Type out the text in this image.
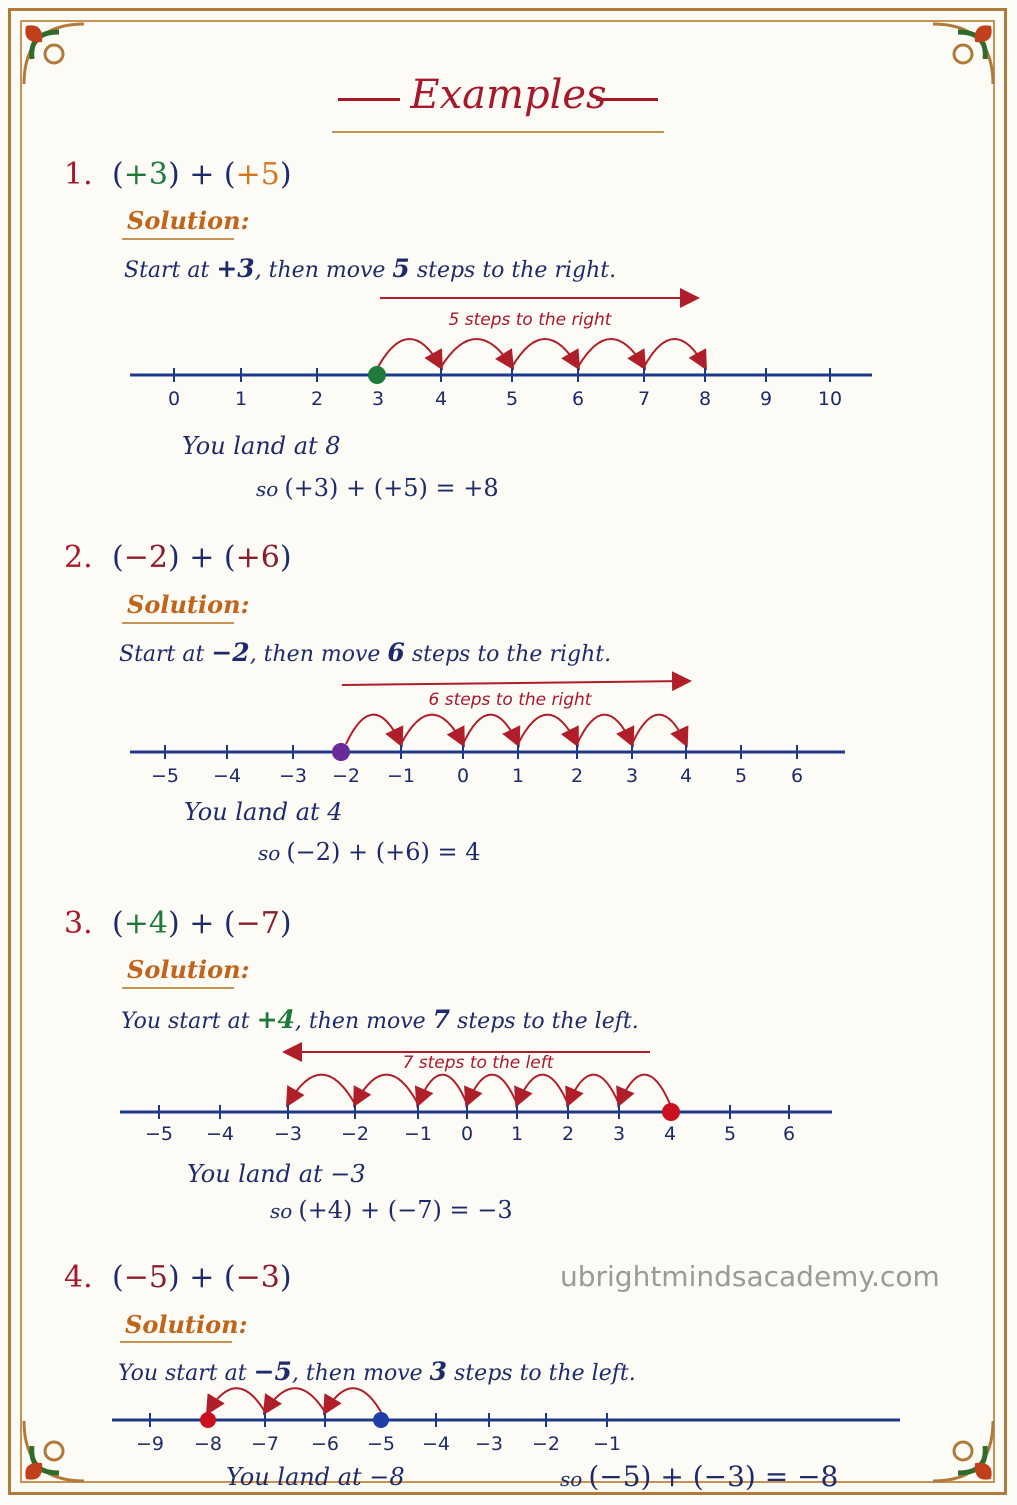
Examples
1. (+3) + (+5)
Solution:
Start at +3, then move 5 steps to the right.
5 steps to the right
0	1	2	3	4	5	6	7	8	9 10
You land at 8
so (+3) + (+5) = +8
2. (−2) + (+6)
Solution:
Start at −2, then move 6 steps to the right.
6 steps to the right
−5 −4 −3 −2 −1 0 1 2 3 4 5 6
You land at 4
so (−2) + (+6) = 4
3. (+4) + (−7)
Solution:
You start at +4, then move 7 steps to the left.
7 steps to the left
−5 −4 −3 −2 −1 0 1 2 3 4	5 6
You land at −3
so (+4) + (−7) = −3
4. (−5) + (−3)	ubrightmindsacademy.com
Solution:
You start at −5, then move 3 steps to the left.
−9 −8 −7 −6 −5 −4 −3 −2 −1
You land at −8	so (−5) + (−3) = −8
